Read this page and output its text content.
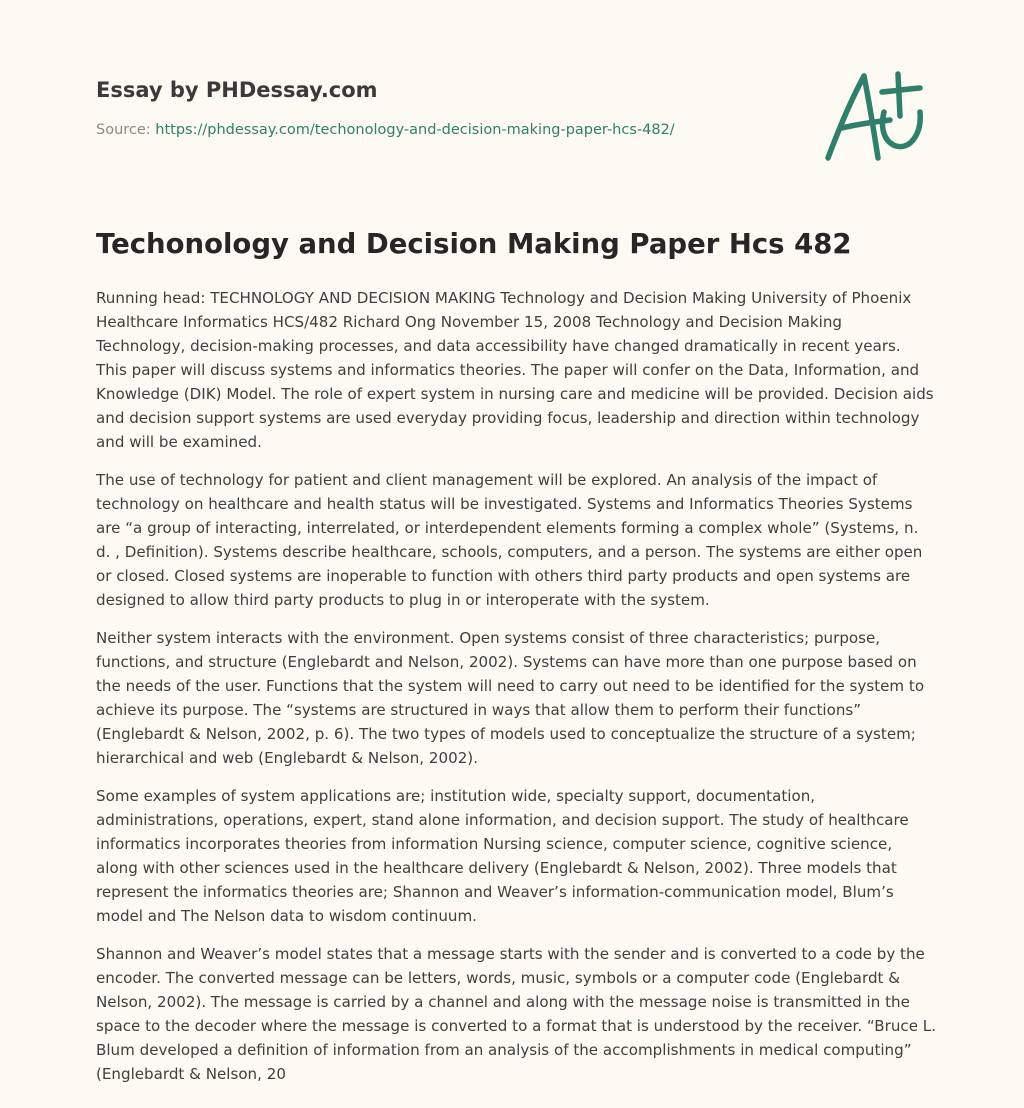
Essay by PHDessay.com
Source: https://phdessay.com/techonology-and-decision-making-paper-hcs-482/
Techonology and Decision Making Paper Hcs 482

Running head: TECHNOLOGY AND DECISION MAKING Technology and Decision Making University of Phoenix Healthcare Informatics HCS/482 Richard Ong November 15, 2008 Technology and Decision Making Technology, decision-making processes, and data accessibility have changed dramatically in recent years. This paper will discuss systems and informatics theories. The paper will confer on the Data, Information, and Knowledge (DIK) Model. The role of expert system in nursing care and medicine will be provided. Decision aids and decision support systems are used everyday providing focus, leadership and direction within technology and will be examined.

The use of technology for patient and client management will be explored. An analysis of the impact of technology on healthcare and health status will be investigated. Systems and Informatics Theories Systems are “a group of interacting, interrelated, or interdependent elements forming a complex whole” (Systems, n. d. , Definition). Systems describe healthcare, schools, computers, and a person. The systems are either open or closed. Closed systems are inoperable to function with others third party products and open systems are designed to allow third party products to plug in or interoperate with the system.

Neither system interacts with the environment. Open systems consist of three characteristics; purpose, functions, and structure (Englebardt and Nelson, 2002). Systems can have more than one purpose based on the needs of the user. Functions that the system will need to carry out need to be identified for the system to achieve its purpose. The “systems are structured in ways that allow them to perform their functions” (Englebardt & Nelson, 2002, p. 6). The two types of models used to conceptualize the structure of a system; hierarchical and web (Englebardt & Nelson, 2002).

Some examples of system applications are; institution wide, specialty support, documentation, administrations, operations, expert, stand alone information, and decision support. The study of healthcare informatics incorporates theories from information Nursing science, computer science, cognitive science, along with other sciences used in the healthcare delivery (Englebardt & Nelson, 2002). Three models that represent the informatics theories are; Shannon and Weaver’s information-communication model, Blum’s model and The Nelson data to wisdom continuum.

Shannon and Weaver’s model states that a message starts with the sender and is converted to a code by the encoder. The converted message can be letters, words, music, symbols or a computer code (Englebardt & Nelson, 2002). The message is carried by a channel and along with the message noise is transmitted in the space to the decoder where the message is converted to a format that is understood by the receiver. “Bruce L. Blum developed a definition of information from an analysis of the accomplishments in medical computing” (Englebardt & Nelson, 20
